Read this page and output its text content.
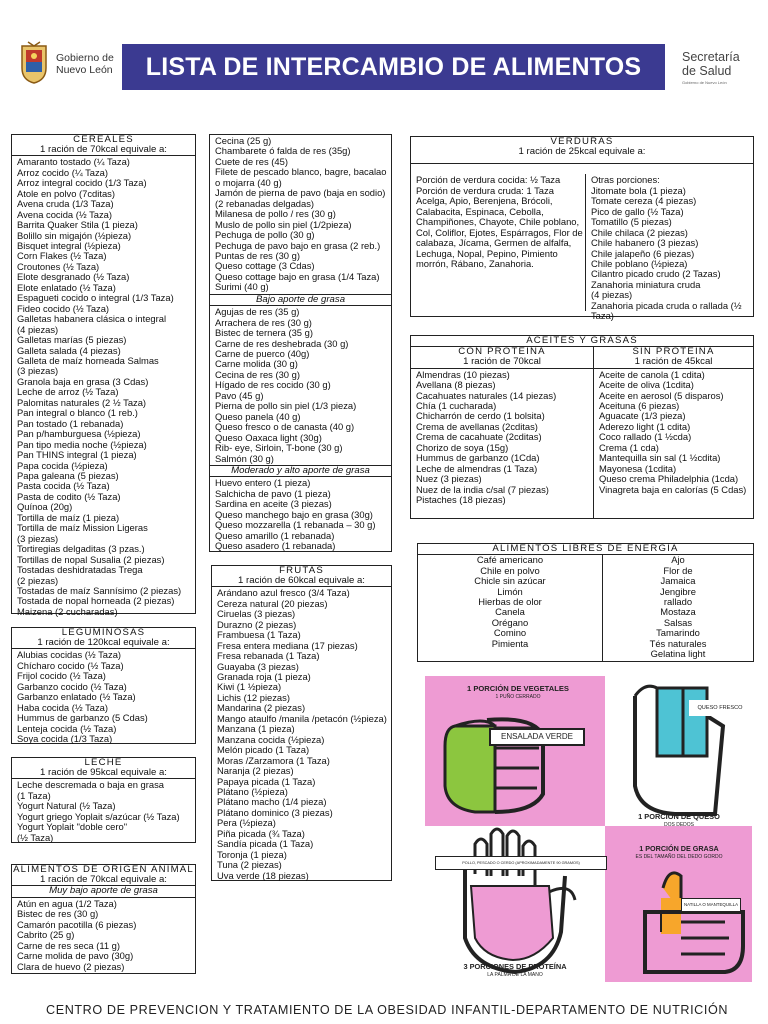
Gobierno de
Nuevo León	LISTA DE INTERCAMBIO DE ALIMENTOS	Secretaría
de Salud
Gobierno de Nuevo León
CEREALES
1 ración de 70kcal equivale a:
Amaranto tostado (¼ Taza)
Arroz cocido (¼ Taza)
Arroz integral cocido (1/3 Taza)
Atole en polvo (7cditas)
Avena cruda (1/3 Taza)
Avena cocida (½ Taza)
Barrita Quaker Stila (1 pieza)
Bolillo sin migajón (½pieza)
Bisquet integral (½pieza)
Corn Flakes (½ Taza)
Croutones (½ Taza)
Elote desgranado (½ Taza)
Elote enlatado (½ Taza)
Espagueti cocido o integral (1/3 Taza)
Fideo cocido (½ Taza)
Galletas habanera clásica o integral
(4 piezas)
Galletas marías (5 piezas)
Galleta salada (4 piezas)
Galleta de maíz horneada Salmas
(3 piezas)
Granola baja en grasa (3 Cdas)
Leche de arroz (½ Taza)
Palomitas naturales (2 ½ Taza)
Pan integral o blanco (1 reb.)
Pan tostado (1 rebanada)
Pan p/hamburguesa (½pieza)
Pan tipo media noche (½pieza)
Pan THINS integral (1 pieza)
Papa cocida (½pieza)
Papa galeana (5 piezas)
Pasta cocida (½ Taza)
Pasta de codito (½ Taza)
Quínoa (20g)
Tortilla de maíz (1 pieza)
Tortilla de maíz Mission Ligeras
(3 piezas)
Tortiregias delgaditas (3 pzas.)
Tortillas de nopal Susalia (2 piezas)
Tostadas deshidratadas Trega
(2 piezas)
Tostadas de maíz Sannísimo (2 piezas)
Tostada de nopal horneada (2 piezas)
Maizena (2 cucharadas)
LEGUMINOSAS
1 ración de 120kcal equivale a:
Alubias cocidas (½ Taza)
Chícharo cocido (½ Taza)
Frijol cocido (½ Taza)
Garbanzo cocido (½ Taza)
Garbanzo enlatado (½ Taza)
Haba cocida (½ Taza)
Hummus de garbanzo (5 Cdas)
Lenteja cocida (½ Taza)
Soya cocida (1/3 Taza)
LECHE
1 ración de 95kcal equivale a:
Leche descremada o baja en grasa
(1 Taza)
Yogurt Natural (½ Taza)
Yogurt griego Yoplait s/azúcar (½ Taza)
Yogurt Yoplait "doble cero"
(½ Taza)
ALIMENTOS DE ORIGEN ANIMAL
1 ración de 70kcal equivale a:
Muy bajo aporte de grasa
Atún en agua (1/2 Taza)
Bistec de res (30 g)
Camarón pacotilla (6 piezas)
Cabrito (25 g)
Carne de res seca (11 g)
Carne molida de pavo (30g)
Clara de huevo (2 piezas)
Cecina (25 g)
Chambarete ó falda de res (35g)
Cuete de res (45)
Filete de pescado blanco, bagre, bacalao
o mojarra (40 g)
Jamón de pierna de pavo (baja en sodio)
(2 rebanadas delgadas)
Milanesa de pollo / res (30 g)
Muslo de pollo sin piel (1/2pieza)
Pechuga de pollo (30 g)
Pechuga de pavo bajo en grasa (2 reb.)
Puntas de res (30 g)
Queso cottage (3 Cdas)
Queso cottage bajo en grasa (1/4 Taza)
Surimi (40 g)
Bajo aporte de grasa
Agujas de res (35 g)
Arrachera de res (30 g)
Bistec de ternera (35 g)
Carne de res deshebrada (30 g)
Carne de puerco (40g)
Carne molida (30 g)
Cecina de res (30 g)
Hígado de res cocido (30 g)
Pavo (45 g)
Pierna de pollo sin piel (1/3 pieza)
Queso panela (40 g)
Queso fresco o de canasta (40 g)
Queso Oaxaca light (30g)
Rib- eye, Sirloin, T-bone (30 g)
Salmón (30 g)
Moderado y alto aporte de grasa
Huevo entero (1 pieza)
Salchicha de pavo (1 pieza)
Sardina en aceite (3 piezas)
Queso manchego bajo en grasa (30g)
Queso mozzarella (1 rebanada – 30 g)
Queso amarillo (1 rebanada)
Queso asadero (1 rebanada)
FRUTAS
1 ración de 60kcal equivale a:
Arándano azul fresco (3/4 Taza)
Cereza natural (20 piezas)
Ciruelas (3 piezas)
Durazno (2 piezas)
Frambuesa (1 Taza)
Fresa entera mediana (17 piezas)
Fresa rebanada (1 Taza)
Guayaba (3 piezas)
Granada roja (1 pieza)
Kiwi (1 ½pieza)
Lichis (12 piezas)
Mandarina (2 piezas)
Mango ataulfo /manila /petacón (½pieza)
Manzana (1 pieza)
Manzana cocida (½pieza)
Melón picado (1 Taza)
Moras /Zarzamora (1 Taza)
Naranja (2 piezas)
Papaya picada (1 Taza)
Plátano (½pieza)
Plátano macho (1/4 pieza)
Plátano dominico (3 piezas)
Pera (½pieza)
Piña picada (¾ Taza)
Sandía picada (1 Taza)
Toronja (1 pieza)
Tuna (2 piezas)
Uva verde (18 piezas)
VERDURAS
1 ración de 25kcal equivale a:
Porción de verdura cocida: ½ Taza
Porción de verdura cruda: 1 Taza
Acelga, Apio, Berenjena, Brócoli,
Calabacita, Espinaca, Cebolla,
Champiñones, Chayote, Chile poblano,
Col, Coliflor, Ejotes, Espárragos, Flor de
calabaza, Jícama, Germen de alfalfa,
Lechuga, Nopal, Pepino, Pimiento
morrón, Rábano, Zanahoria.
Otras porciones:
Jitomate bola (1 pieza)
Tomate cereza (4 piezas)
Pico de gallo (½ Taza)
Tomatillo (5 piezas)
Chile chilaca (2 piezas)
Chile habanero (3 piezas)
Chile jalapeño (6 piezas)
Chile poblano (½pieza)
Cilantro picado crudo (2 Tazas)
Zanahoria miniatura cruda
(4 piezas)
Zanahoria picada cruda o rallada (½
Taza)
ACEITES Y GRASAS
CON PROTEINA
1 ración de 70kcal
Almendras (10 piezas)
Avellana (8 piezas)
Cacahuates naturales (14 piezas)
Chía (1 cucharada)
Chicharrón de cerdo (1 bolsita)
Crema de avellanas (2cditas)
Crema de cacahuate (2cditas)
Chorizo de soya (15g)
Hummus de garbanzo (1Cda)
Leche de almendras (1 Taza)
Nuez (3 piezas)
Nuez de la india c/sal (7 piezas)
Pistaches (18 piezas)
SIN PROTEINA
1 ración de 45kcal
Aceite de canola (1 cdita)
Aceite de oliva (1cdita)
Aceite en aerosol (5 disparos)
Aceituna (6 piezas)
Aguacate (1/3 pieza)
Aderezo light (1 cdita)
Coco rallado (1 ½cda)
Crema (1 cda)
Mantequilla sin sal (1 ½cdita)
Mayonesa (1cdita)
Queso crema Philadelphia (1cda)
Vinagreta baja en calorías (5 Cdas)
ALIMENTOS LIBRES DE ENERGÍA
Café americano
Chile en polvo
Chicle sin azúcar
Limón
Hierbas de olor
Canela
Orégano
Comino
Pimienta
Ajo
Flor de
Jamaica
Jengibre
rallado
Mostaza
Salsas
Tamarindo
Tés naturales
Gelatina light
1 PORCIÓN DE VEGETALES
1 PUÑO CERRADO
ENSALADA VERDE
QUESO FRESCO
1 PORCIÓN DE QUESO
DOS DEDOS
POLLO, PESCADO O CERDO (APROXIMADAMENTE 90 GRAMOS)
3 PORCIONES DE PROTEÍNA
LA PALMA DE LA MANO
1 PORCIÓN DE GRASA
ES DEL TAMAÑO DEL DEDO GORDO
NATILLA O MANTEQUILLA
CENTRO DE PREVENCION Y TRATAMIENTO DE LA OBESIDAD INFANTIL-DEPARTAMENTO DE NUTRICIÓN
